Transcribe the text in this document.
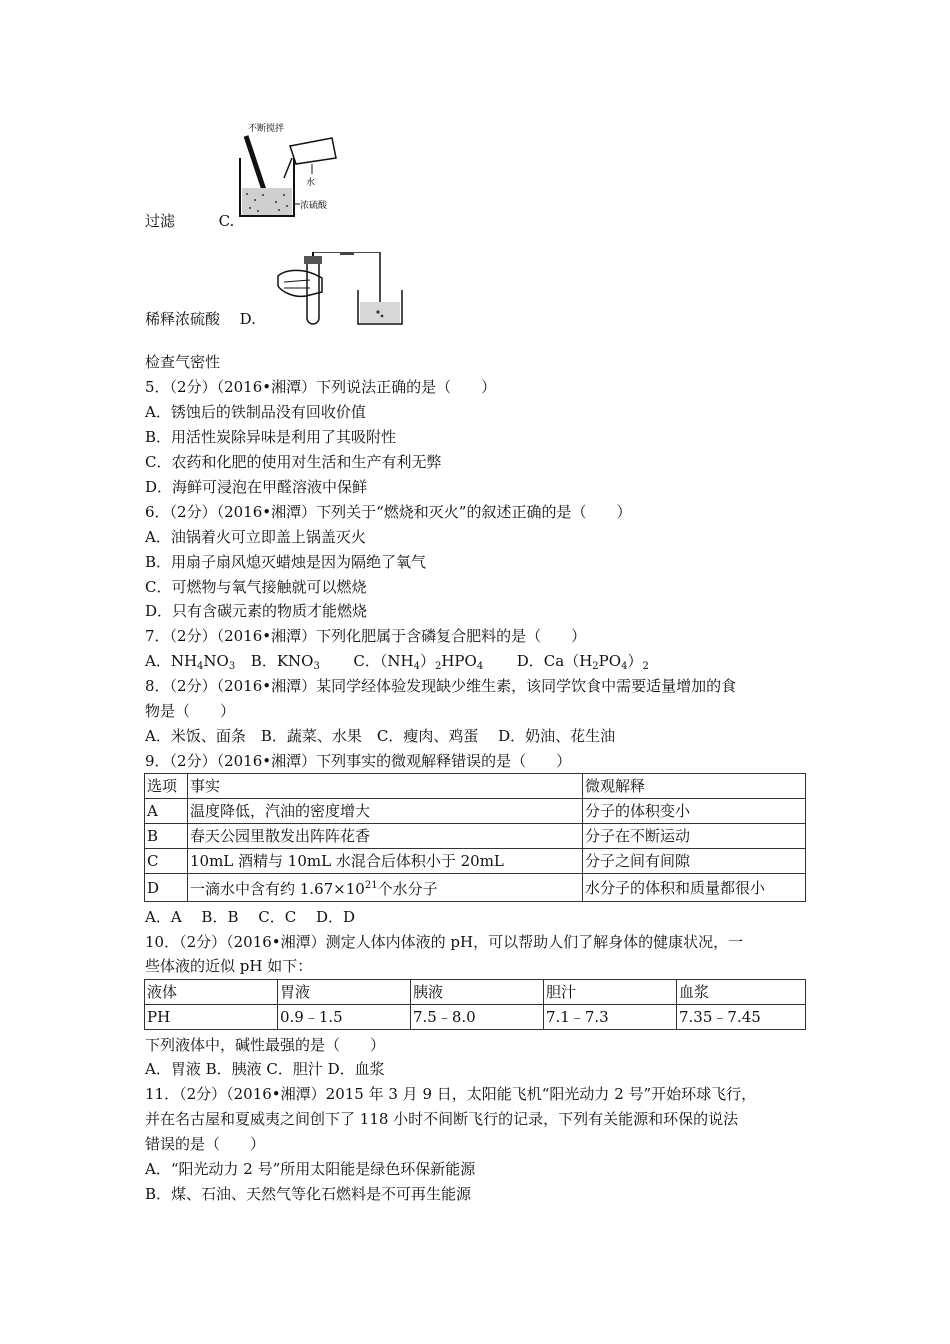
不断搅拌
水
浓硫酸
过滤	C.
稀释浓硫酸 D.
检查气密性
5．（2分）（2016•湘潭）下列说法正确的是（　　）
A．锈蚀后的铁制品没有回收价值
B．用活性炭除异味是利用了其吸附性
C．农药和化肥的使用对生活和生产有利无弊
D．海鲜可浸泡在甲醛溶液中保鲜
6．（2分）（2016•湘潭）下列关于“燃烧和灭火”的叙述正确的是（　　）
A．油锅着火可立即盖上锅盖灭火
B．用扇子扇风熄灭蜡烛是因为隔绝了氧气
C．可燃物与氧气接触就可以燃烧
D．只有含碳元素的物质才能燃烧
7．（2分）（2016•湘潭）下列化肥属于含磷复合肥料的是（　　）
A．$NH_4NO_3$ B．$KNO_3$ C．$(NH_4)_2HPO_4$ D．$Ca(H_2PO_4)_2$
8．（2分）（2016•湘潭）某同学经体验发现缺少维生素，该同学饮食中需要适量增加的食
物是（　　）
A．米饭、面条　B．蔬菜、水果　C．瘦肉、鸡蛋　 D．奶油、花生油
9．（2分）（2016•湘潭）下列事实的微观解释错误的是（　　）
选项	事实	微观解释
A	温度降低，汽油的密度增大	分子的体积变小
B	春天公园里散发出阵阵花香	分子在不断运动
C	10mL 酒精与 10mL 水混合后体积小于 20mL	分子之间有间隙
D	一滴水中含有约 $1.67\times 10^{21}$个水分子	水分子的体积和质量都很小
A．A　 B．B　 C．C　 D．D
10．（2分）（2016•湘潭）测定人体内体液的 pH，可以帮助人们了解身体的健康状况，一
些体液的近似 pH 如下：
液体	胃液	胰液	胆汁	血浆
PH	0.9﹣1.5	7.5﹣8.0	7.1﹣7.3	7.35﹣7.45
下列液体中，碱性最强的是（　　）
A．胃液 B．胰液 C．胆汁 D．血浆
11．（2分）（2016•湘潭）2015 年 3 月 9 日，太阳能飞机“阳光动力 2 号”开始环球飞行，
并在名古屋和夏威夷之间创下了 118 小时不间断飞行的记录，下列有关能源和环保的说法
错误的是（　　）
A．“阳光动力 2 号”所用太阳能是绿色环保新能源
B．煤、石油、天然气等化石燃料是不可再生能源
